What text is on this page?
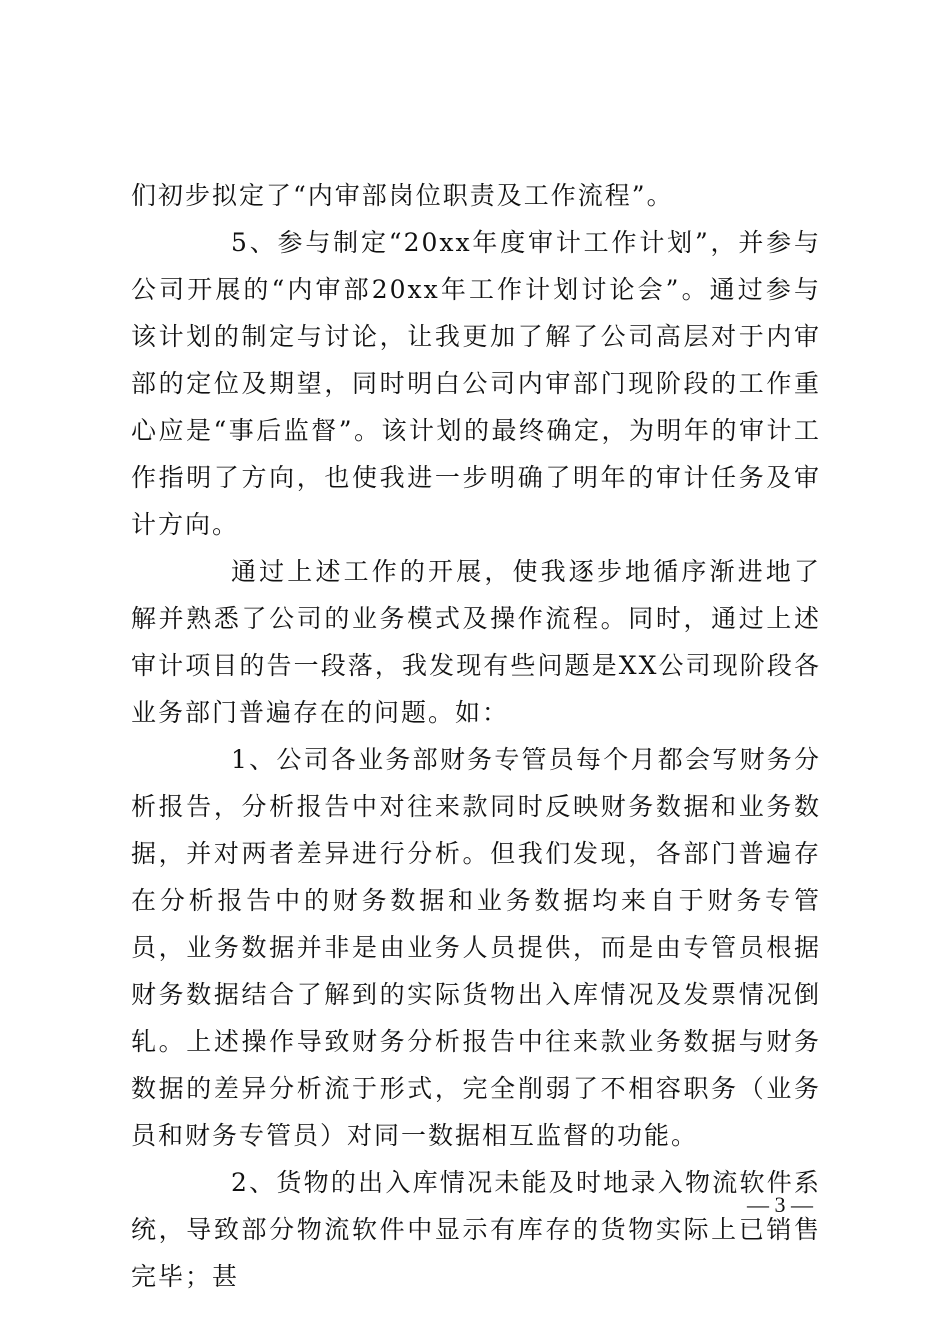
们初步拟定了“内审部岗位职责及工作流程”。

5、参与制定“20xx年度审计工作计划”，并参与公司开展的“内审部20xx年工作计划讨论会”。通过参与该计划的制定与讨论，让我更加了解了公司高层对于内审部的定位及期望，同时明白公司内审部门现阶段的工作重心应是“事后监督”。该计划的最终确定，为明年的审计工作指明了方向，也使我进一步明确了明年的审计任务及审计方向。

通过上述工作的开展，使我逐步地循序渐进地了解并熟悉了公司的业务模式及操作流程。同时，通过上述审计项目的告一段落，我发现有些问题是XX公司现阶段各业务部门普遍存在的问题。如：

1、公司各业务部财务专管员每个月都会写财务分析报告，分析报告中对往来款同时反映财务数据和业务数据，并对两者差异进行分析。但我们发现，各部门普遍存在分析报告中的财务数据和业务数据均来自于财务专管员，业务数据并非是由业务人员提供，而是由专管员根据财务数据结合了解到的实际货物出入库情况及发票情况倒轧。上述操作导致财务分析报告中往来款业务数据与财务数据的差异分析流于形式，完全削弱了不相容职务（业务员和财务专管员）对同一数据相互监督的功能。

2、货物的出入库情况未能及时地录入物流软件系统，导致部分物流软件中显示有库存的货物实际上已销售完毕；甚

— 3 —
